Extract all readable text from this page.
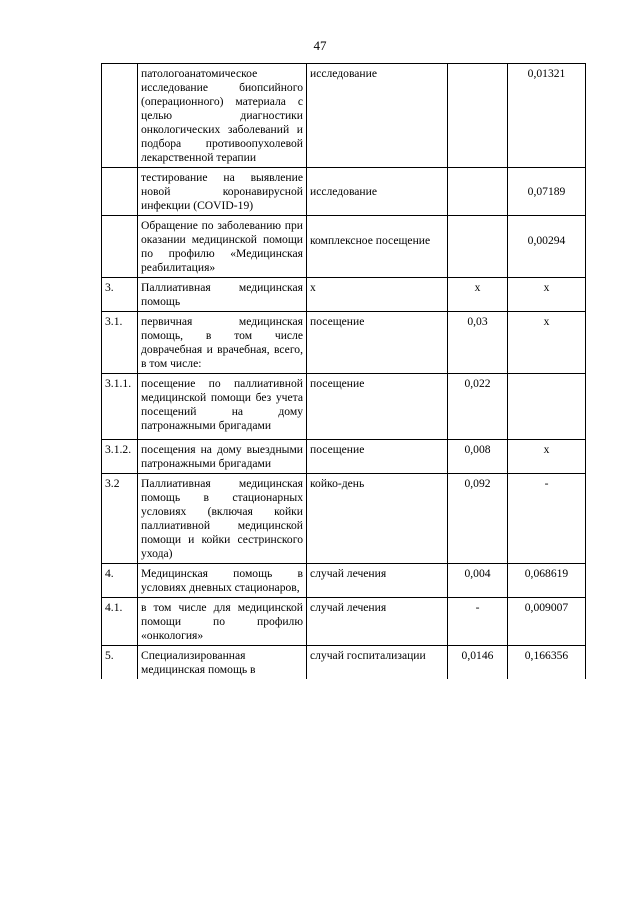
47
	патологоанатомическое исследование биопсийного (операционного) материала с целью диагностики онкологических заболеваний и подбора противоопухолевой лекарственной терапии	исследование		0,01321
	тестирование на выявление новой коронавирусной инфекции (COVID-19)	исследование		0,07189
	Обращение по заболеванию при оказании медицинской помощи по профилю «Медицинская реабилитация»	комплексное посещение		0,00294
3.	Паллиативная медицинская помощь	х	х	х
3.1.	первичная медицинская помощь, в том числе доврачебная и врачебная, всего, в том числе:	посещение	0,03	х
3.1.1.	посещение по паллиативной медицинской помощи без учета посещений на дому патронажными бригадами	посещение	0,022	
3.1.2.	посещения на дому выездными патронажными бригадами	посещение	0,008	х
3.2	Паллиативная медицинская помощь в стационарных условиях (включая койки паллиативной медицинской помощи и койки сестринского ухода)	койко-день	0,092	-
4.	Медицинская помощь в условиях дневных стационаров,	случай лечения	0,004	0,068619
4.1.	в том числе для медицинской помощи по профилю «онкология»	случай лечения	-	0,009007
5.	Специализированная медицинская помощь в	случай госпитализации	0,0146	0,166356
